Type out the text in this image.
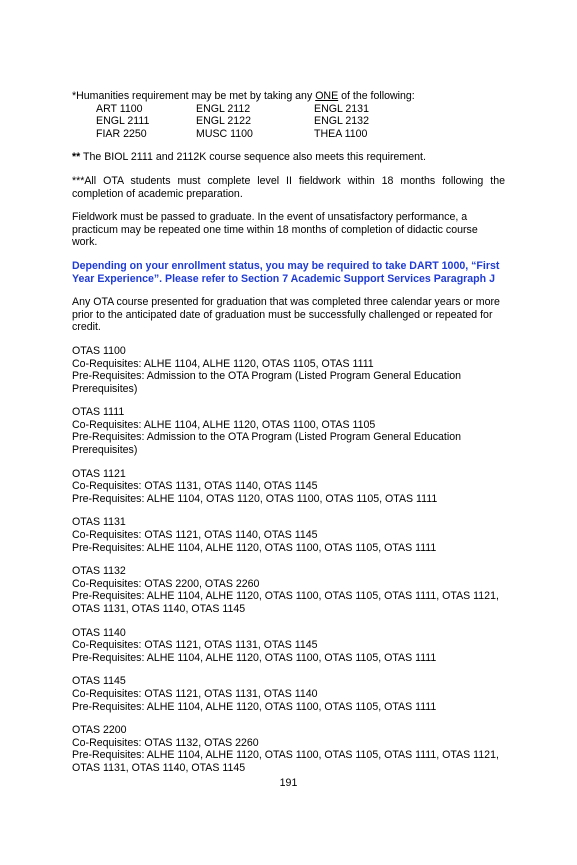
*Humanities requirement may be met by taking any ONE of the following:
ART 1100	ENGL 2112	ENGL 2131
ENGL 2111	ENGL 2122	ENGL 2132
FIAR 2250	MUSC 1100	THEA 1100
** The BIOL 2111 and 2112K course sequence also meets this requirement.
***All OTA students must complete level II fieldwork within 18 months following the completion of academic preparation.
Fieldwork must be passed to graduate. In the event of unsatisfactory performance, a practicum may be repeated one time within 18 months of completion of didactic course work.
Depending on your enrollment status, you may be required to take DART 1000, “First Year Experience”. Please refer to Section 7 Academic Support Services Paragraph J
Any OTA course presented for graduation that was completed three calendar years or more prior to the anticipated date of graduation must be successfully challenged or repeated for credit.
OTAS 1100
Co-Requisites: ALHE 1104, ALHE 1120, OTAS 1105, OTAS 1111
Pre-Requisites: Admission to the OTA Program (Listed Program General Education Prerequisites)
OTAS 1111
Co-Requisites: ALHE 1104, ALHE 1120, OTAS 1100, OTAS 1105
Pre-Requisites: Admission to the OTA Program (Listed Program General Education Prerequisites)
OTAS 1121
Co-Requisites: OTAS 1131, OTAS 1140, OTAS 1145
Pre-Requisites: ALHE 1104, OTAS 1120, OTAS 1100, OTAS 1105, OTAS 1111
OTAS 1131
Co-Requisites: OTAS 1121, OTAS 1140, OTAS 1145
Pre-Requisites: ALHE 1104, ALHE 1120, OTAS 1100, OTAS 1105, OTAS 1111
OTAS 1132
Co-Requisites: OTAS 2200, OTAS 2260
Pre-Requisites: ALHE 1104, ALHE 1120, OTAS 1100, OTAS 1105, OTAS 1111, OTAS 1121, OTAS 1131, OTAS 1140, OTAS 1145
OTAS 1140
Co-Requisites: OTAS 1121, OTAS 1131, OTAS 1145
Pre-Requisites: ALHE 1104, ALHE 1120, OTAS 1100, OTAS 1105, OTAS 1111
OTAS 1145
Co-Requisites: OTAS 1121, OTAS 1131, OTAS 1140
Pre-Requisites: ALHE 1104, ALHE 1120, OTAS 1100, OTAS 1105, OTAS 1111
OTAS 2200
Co-Requisites: OTAS 1132, OTAS 2260
Pre-Requisites: ALHE 1104, ALHE 1120, OTAS 1100, OTAS 1105, OTAS 1111, OTAS 1121, OTAS 1131, OTAS 1140, OTAS 1145
191
